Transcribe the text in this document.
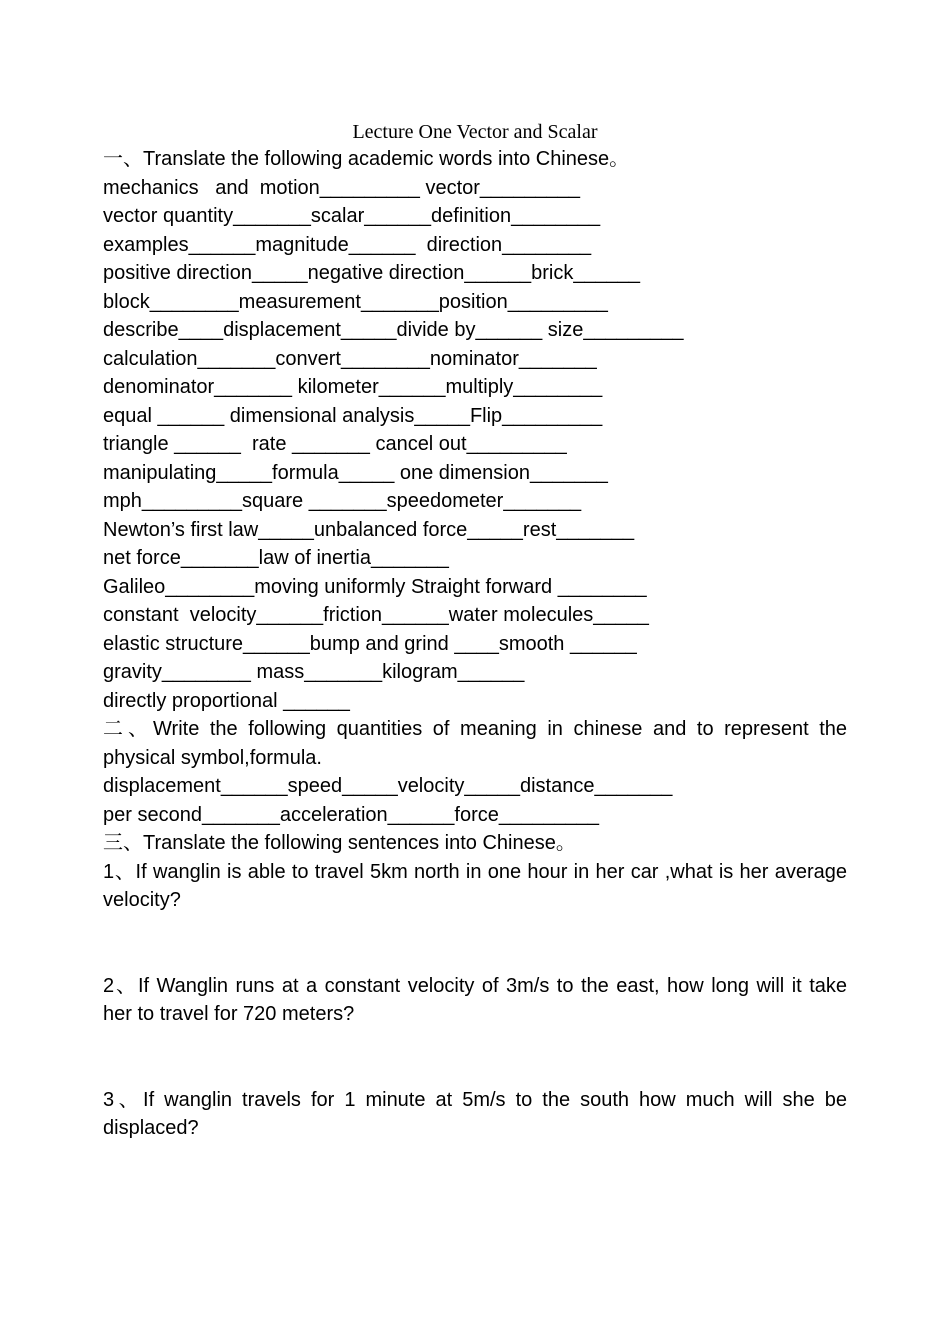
Lecture One Vector and Scalar
一、Translate the following academic words into Chinese。
mechanics   and  motion_________ vector_________
vector quantity_______scalar______definition________
examples______magnitude______  direction________
positive direction_____negative direction______brick______
block________measurement_______position_________
describe____displacement_____divide by______ size_________
calculation_______convert________nominator_______
denominator_______ kilometer______multiply________
equal ______ dimensional analysis_____Flip_________
triangle ______  rate _______ cancel out_________
manipulating_____formula_____ one dimension_______
mph_________square _______speedometer_______
Newton’s first law_____unbalanced force_____rest_______
net force_______law of inertia_______
Galileo________moving uniformly Straight forward ________
constant  velocity______friction______water molecules_____
elastic structure______bump and grind ____smooth ______
gravity________ mass_______kilogram______
directly proportional ______
二、Write the following quantities of meaning in chinese and to represent the physical symbol,formula.
displacement______speed_____velocity_____distance_______
per second_______acceleration______force_________
三、Translate the following sentences into Chinese。
1、If wanglin is able to travel 5km north in one hour in her car ,what is her average velocity?
2、If Wanglin runs at a constant velocity of 3m/s to the east, how long will it take her to travel for 720 meters?
3、If wanglin travels for 1 minute at 5m/s to the south how much will she be displaced?
